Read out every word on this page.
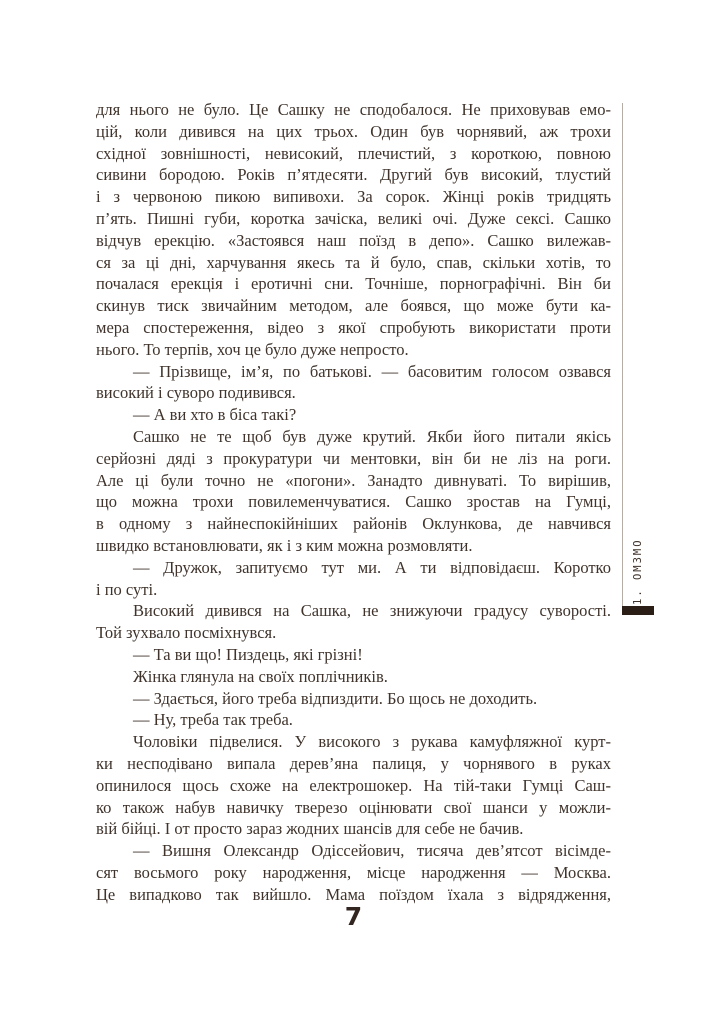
для нього не було. Це Сашку не сподобалося. Не приховував емо-
цій, коли дивився на цих трьох. Один був чорнявий, аж трохи
східної зовнішності, невисокий, плечистий, з короткою, повною
сивини бородою. Років п’ятдесяти. Другий був високий, тлустий
і з червоною пикою випивохи. За сорок. Жінці років тридцять
п’ять. Пишні губи, коротка зачіска, великі очі. Дуже сексі. Сашко
відчув ерекцію. «Застоявся наш поїзд в депо». Сашко вилежав-
ся за ці дні, харчування якесь та й було, спав, скільки хотів, то
почалася ерекція і еротичні сни. Точніше, порнографічні. Він би
скинув тиск звичайним методом, але боявся, що може бути ка-
мера спостереження, відео з якої спробують використати проти
нього. То терпів, хоч це було дуже непросто.
— Прізвище, ім’я, по батькові. — басовитим голосом озвався
високий і суворо подивився.
— А ви хто в біса такі?
Сашко не те щоб був дуже крутий. Якби його питали якісь
серйозні дяді з прокуратури чи ментовки, він би не ліз на роги.
Але ці були точно не «погони». Занадто дивнуваті. То вирішив,
що можна трохи повилеменчуватися. Сашко зростав на Гумці,
в одному з найнеспокійніших районів Оклункова, де навчився
швидко встановлювати, як і з ким можна розмовляти.
— Дружок, запитуємо тут ми. А ти відповідаєш. Коротко
і по суті.
Високий дивився на Сашка, не знижуючи градусу суворості.
Той зухвало посміхнувся.
— Та ви що! Пиздець, які грізні!
Жінка глянула на своїх поплічників.
— Здається, його треба відпиздити. Бо щось не доходить.
— Ну, треба так треба.
Чоловіки підвелися. У високого з рукава камуфляжної курт-
ки несподівано випала дерев’яна палиця, у чорнявого в руках
опинилося щось схоже на електрошокер. На тій-таки Гумці Саш-
ко також набув навичку тверезо оцінювати свої шанси у можли-
вій бійці. І от просто зараз жодних шансів для себе не бачив.
— Вишня Олександр Одіссейович, тисяча дев’ятсот вісімде-
сят восьмого року народження, місце народження — Москва.
Це випадково так вийшло. Мама поїздом їхала з відрядження,
1. ОМЗМО
7
